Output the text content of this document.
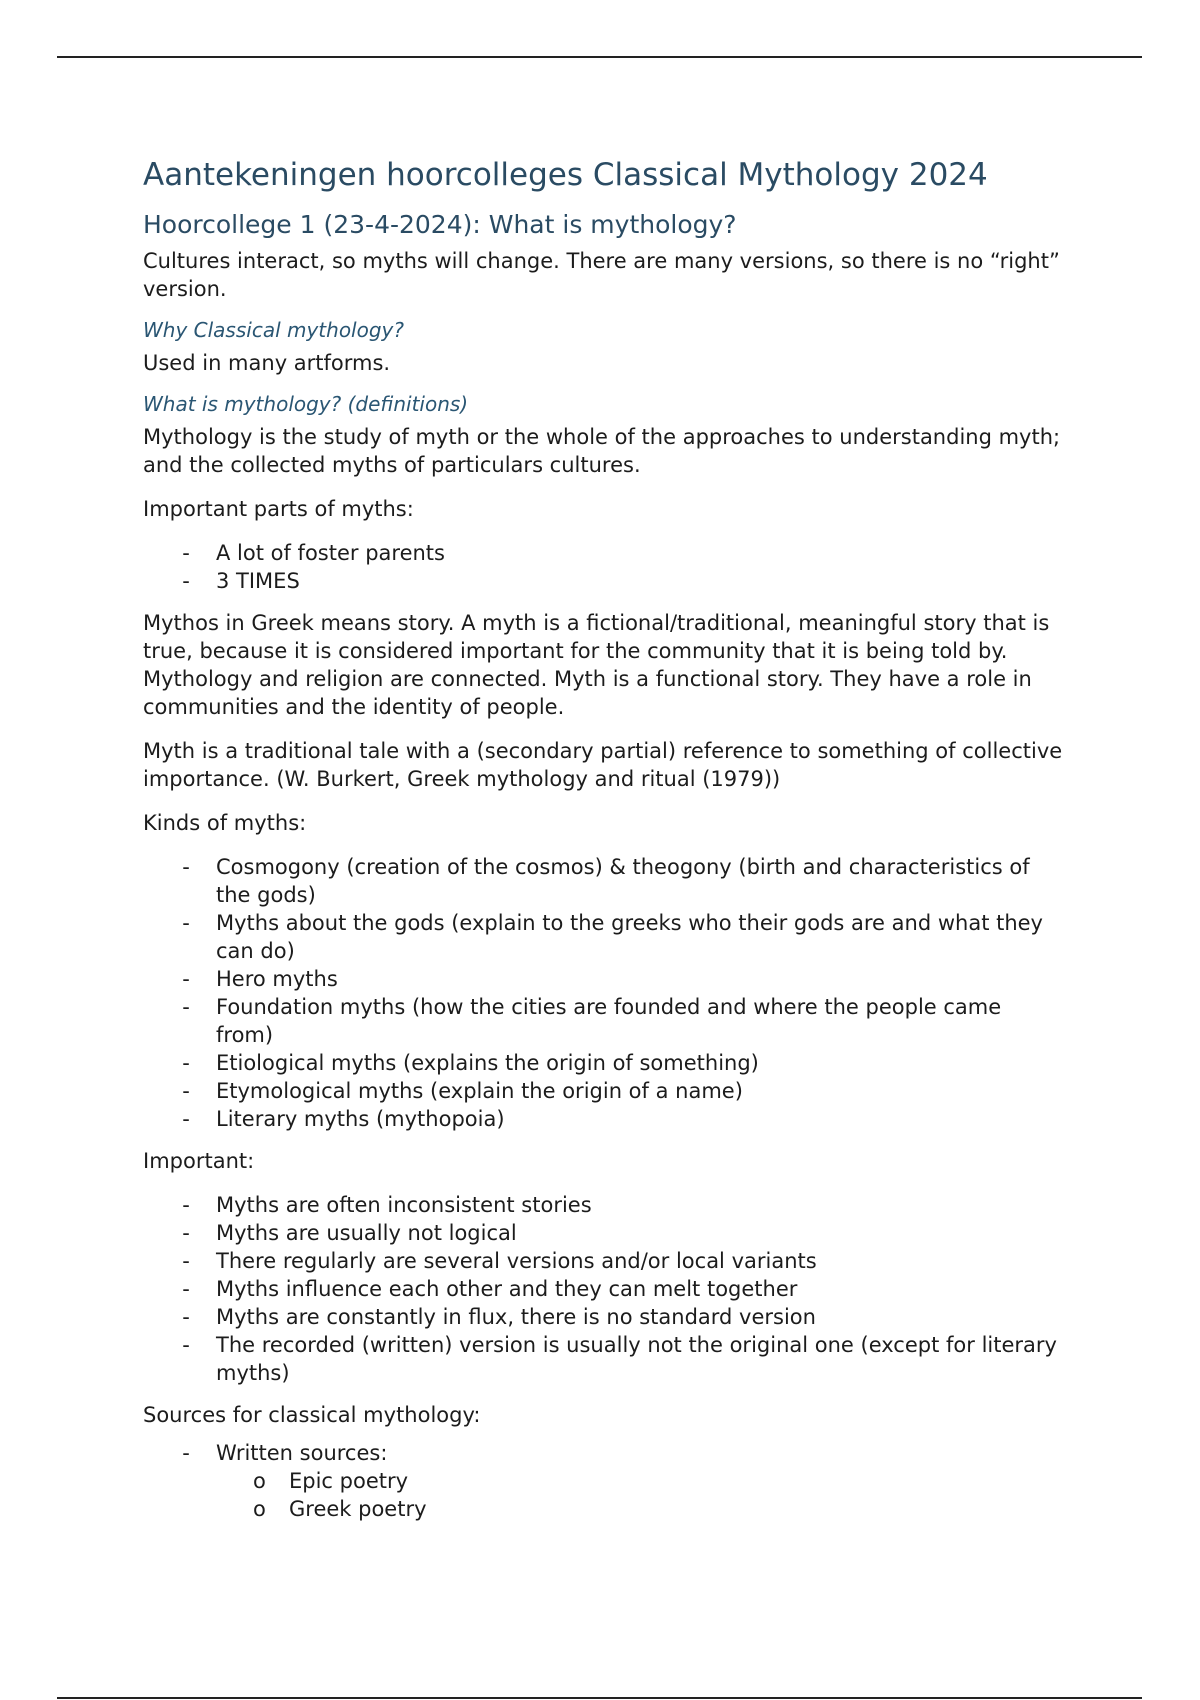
Aantekeningen hoorcolleges Classical Mythology 2024
Hoorcollege 1 (23-4-2024): What is mythology?

Cultures interact, so myths will change. There are many versions, so there is no “right” version.

Why Classical mythology?

Used in many artforms.

What is mythology? (definitions)

Mythology is the study of myth or the whole of the approaches to understanding myth; and the collected myths of particulars cultures.

Important parts of myths:

- A lot of foster parents
- 3 TIMES

Mythos in Greek means story. A myth is a fictional/traditional, meaningful story that is true, because it is considered important for the community that it is being told by. Mythology and religion are connected. Myth is a functional story. They have a role in communities and the identity of people.

Myth is a traditional tale with a (secondary partial) reference to something of collective importance. (W. Burkert, Greek mythology and ritual (1979))

Kinds of myths:

- Cosmogony (creation of the cosmos) & theogony (birth and characteristics of the gods)
- Myths about the gods (explain to the greeks who their gods are and what they can do)
- Hero myths
- Foundation myths (how the cities are founded and where the people came from)
- Etiological myths (explains the origin of something)
- Etymological myths (explain the origin of a name)
- Literary myths (mythopoia)

Important:

- Myths are often inconsistent stories
- Myths are usually not logical
- There regularly are several versions and/or local variants
- Myths influence each other and they can melt together
- Myths are constantly in flux, there is no standard version
- The recorded (written) version is usually not the original one (except for literary myths)

Sources for classical mythology:

- Written sources:
o Epic poetry
o Greek poetry
